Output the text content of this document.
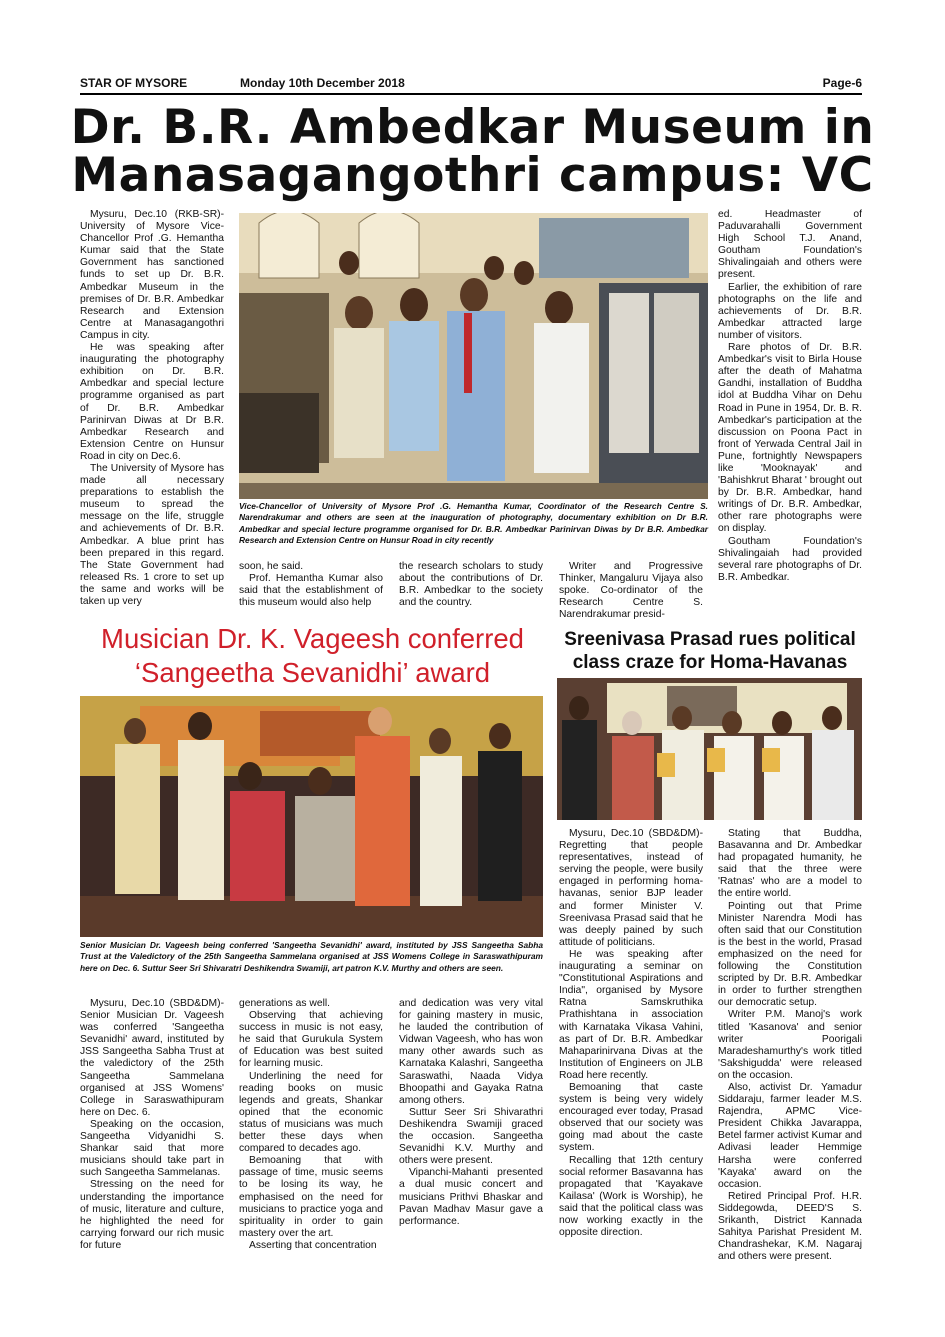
STAR OF MYSORE	Monday 10th December 2018	Page-6
Dr. B.R. Ambedkar Museum in
Manasagangothri campus: VC

Mysuru, Dec.10 (RKB-SR)- University of Mysore Vice- Chancellor Prof .G. Hemantha Kumar said that the State Government has sanctioned funds to set up Dr. B.R. Ambedkar Museum in the premises of Dr. B.R. Ambedkar Research and Extension Centre at Manasagangothri Campus in city.

He was speaking after inaugurating the photography exhibition on Dr. B.R. Ambedkar and special lecture programme organised as part of Dr. B.R. Ambedkar Parinirvan Diwas at Dr B.R. Ambedkar Research and Extension Centre on Hunsur Road in city on Dec.6.

The University of Mysore has made all necessary preparations to establish the museum to spread the message on the life, struggle and achievements of Dr. B.R. Ambedkar. A blue print has been prepared in this regard. The State Government had released Rs. 1 crore to set up the same and works will be taken up very

Vice-Chancellor of University of Mysore Prof .G. Hemantha Kumar, Coordinator of the Research Centre S. Narendrakumar and others are seen at the inauguration of photography, documentary exhibition on Dr B.R. Ambedkar and special lecture programme organised for Dr. B.R. Ambedkar Parinirvan Diwas by Dr B.R. Ambedkar Research and Extension Centre on Hunsur Road in city recently

soon, he said.

Prof. Hemantha Kumar also said that the establishment of this museum would also help

the research scholars to study about the contributions of Dr. B.R. Ambedkar to the society and the country.

Writer and Progressive Thinker, Mangaluru Vijaya also spoke. Co-ordinator of the Research Centre S. Narendrakumar presid-

ed. Headmaster of Paduvarahalli Government High School T.J. Anand, Goutham Foundation's Shivalingaiah and others were present.

Earlier, the exhibition of rare photographs on the life and achievements of Dr. B.R. Ambedkar attracted large number of visitors.

Rare photos of Dr. B.R. Ambedkar's visit to Birla House after the death of Mahatma Gandhi, installation of Buddha idol at Buddha Vihar on Dehu Road in Pune in 1954, Dr. B. R. Ambedkar's participation at the discussion on Poona Pact in front of Yerwada Central Jail in Pune, fortnightly Newspapers like 'Mooknayak' and 'Bahishkrut Bharat ' brought out by Dr. B.R. Ambedkar, hand writings of Dr. B.R. Ambedkar, other rare photographs were on display.

Goutham Foundation's Shivalingaiah had provided several rare photographs of Dr. B.R. Ambedkar.

Musician Dr. K. Vageesh conferred
‘Sangeetha Sevanidhi’ award
Senior Musician Dr. Vageesh being conferred 'Sangeetha Sevanidhi' award, instituted by JSS Sangeetha Sabha Trust at the Valedictory of the 25th Sangeetha Sammelana organised at JSS Womens College in Saraswathipuram here on Dec. 6. Suttur Seer Sri Shivaratri Deshikendra Swamiji, art patron K.V. Murthy and others are seen.

Mysuru, Dec.10 (SBD&DM)- Senior Musician Dr. Vageesh was conferred 'Sangeetha Sevanidhi' award, instituted by JSS Sangeetha Sabha Trust at the valedictory of the 25th Sangeetha Sammelana organised at JSS Womens' College in Saraswathipuram here on Dec. 6.

Speaking on the occasion, Sangeetha Vidyanidhi S. Shankar said that more musicians should take part in such Sangeetha Sammelanas.

Stressing on the need for understanding the importance of music, literature and culture, he highlighted the need for carrying forward our rich music for future

generations as well.

Observing that achieving success in music is not easy, he said that Gurukula System of Education was best suited for learning music.

Underlining the need for reading books on music legends and greats, Shankar opined that the economic status of musicians was much better these days when compared to decades ago.

Bemoaning that with passage of time, music seems to be losing its way, he emphasised on the need for musicians to practice yoga and spirituality in order to gain mastery over the art.

Asserting that concentration

and dedication was very vital for gaining mastery in music, he lauded the contribution of Vidwan Vageesh, who has won many other awards such as Karnataka Kalashri, Sangeetha Saraswathi, Naada Vidya Bhoopathi and Gayaka Ratna among others.

Suttur Seer Sri Shivarathri Deshikendra Swamiji graced the occasion. Sangeetha Sevanidhi K.V. Murthy and others were present.

Vipanchi-Mahanti presented a dual music concert and musicians Prithvi Bhaskar and Pavan Madhav Masur gave a performance.

Sreenivasa Prasad rues political
class craze for Homa-Havanas

Mysuru, Dec.10 (SBD&DM)- Regretting that people representatives, instead of serving the people, were busily engaged in performing homa-havanas, senior BJP leader and former Minister V. Sreenivasa Prasad said that he was deeply pained by such attitude of politicians.

He was speaking after inaugurating a seminar on "Constitutional Aspirations and India", organised by Mysore Ratna Samskruthika Prathishtana in association with Karnataka Vikasa Vahini, as part of Dr. B.R. Ambedkar Mahaparinirvana Divas at the Institution of Engineers on JLB Road here recently.

Bemoaning that caste system is being very widely encouraged ever today, Prasad observed that our society was going mad about the caste system.

Recalling that 12th century social reformer Basavanna has propagated that 'Kayakave Kailasa' (Work is Worship), he said that the political class was now working exactly in the opposite direction.

Stating that Buddha, Basavanna and Dr. Ambedkar had propagated humanity, he said that the three were 'Ratnas' who are a model to the entire world.

Pointing out that Prime Minister Narendra Modi has often said that our Constitution is the best in the world, Prasad emphasized on the need for following the Constitution scripted by Dr. B.R. Ambedkar in order to further strengthen our democratic setup.

Writer P.M. Manoj's work titled 'Kasanova' and senior writer Poorigali Maradeshamurthy's work titled 'Sakshigudda' were released on the occasion.

Also, activist Dr. Yamadur Siddaraju, farmer leader M.S. Rajendra, APMC Vice-President Chikka Javarappa, Betel farmer activist Kumar and Adivasi leader Hemmige Harsha were conferred 'Kayaka' award on the occasion.

Retired Principal Prof. H.R. Siddegowda, DEED'S S. Srikanth, District Kannada Sahitya Parishat President M. Chandrashekar, K.M. Nagaraj and others were present.
